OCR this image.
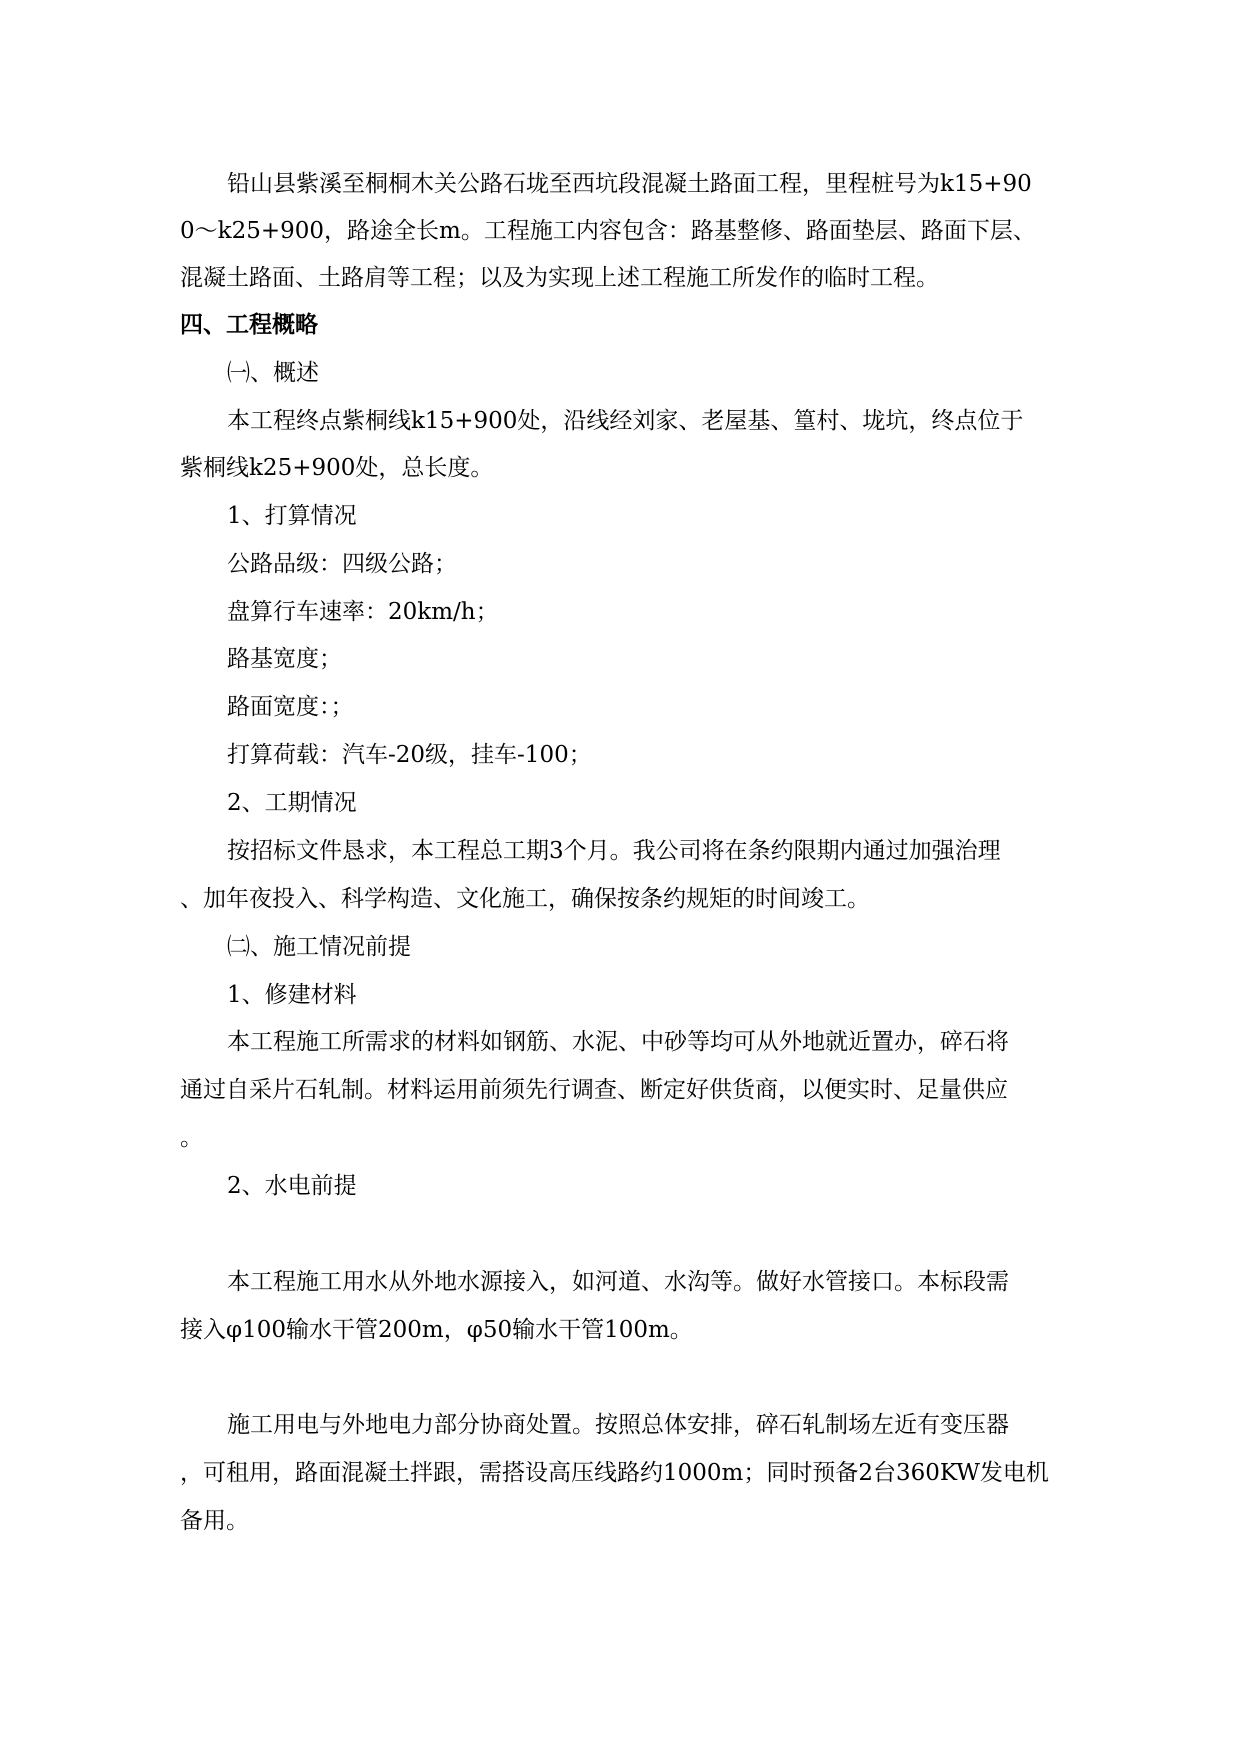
铅山县紫溪至桐桐木关公路石垅至西坑段混凝土路面工程，里程桩号为k15+90

0～k25+900，路途全长m。工程施工内容包含：路基整修、路面垫层、路面下层、

混凝土路面、土路肩等工程；以及为实现上述工程施工所发作的临时工程。

四、工程概略

㈠、概述

本工程终点紫桐线k15+900处，沿线经刘家、老屋基、篁村、垅坑，终点位于

紫桐线k25+900处，总长度。

1、打算情况

公路品级：四级公路；

盘算行车速率：20km/h；

路基宽度；

路面宽度：；

打算荷载：汽车-20级，挂车-100；

2、工期情况

按招标文件恳求，本工程总工期3个月。我公司将在条约限期内通过加强治理

、加年夜投入、科学构造、文化施工，确保按条约规矩的时间竣工。

㈡、施工情况前提

1、修建材料

本工程施工所需求的材料如钢筋、水泥、中砂等均可从外地就近置办，碎石将

通过自采片石轧制。材料运用前须先行调查、断定好供货商，以便实时、足量供应

。

2、水电前提

本工程施工用水从外地水源接入，如河道、水沟等。做好水管接口。本标段需

接入φ100输水干管200m，φ50输水干管100m。

施工用电与外地电力部分协商处置。按照总体安排，碎石轧制场左近有变压器

，可租用，路面混凝土拌跟，需搭设高压线路约1000m；同时预备2台360KW发电机

备用。
